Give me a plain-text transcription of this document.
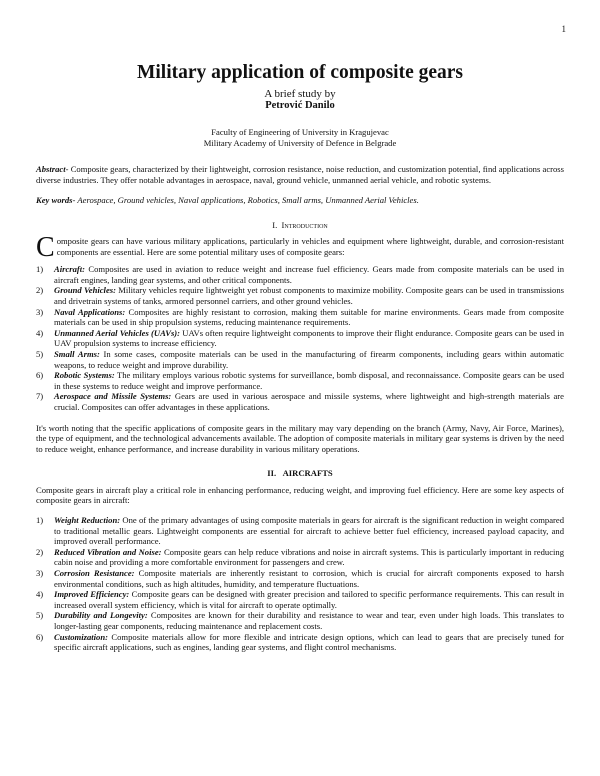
1
Military application of composite gears
A brief study by
Petrović Danilo
Faculty of Engineering of University in Kragujevac
Military Academy of University of Defence in Belgrade

Abstract- Composite gears, characterized by their lightweight, corrosion resistance, noise reduction, and customization potential, find applications across diverse industries. They offer notable advantages in aerospace, naval, ground vehicle, unmanned aerial vehicle, and robotic systems.

Key words- Aerospace, Ground vehicles, Naval applications, Robotics, Small arms, Unmanned Aerial Vehicles.

I. Introduction

Composite gears can have various military applications, particularly in vehicles and equipment where lightweight, durable, and corrosion-resistant components are essential. Here are some potential military uses of composite gears:

1) Aircraft: Composites are used in aviation to reduce weight and increase fuel efficiency. Gears made from composite materials can be used in aircraft engines, landing gear systems, and other critical components.
2) Ground Vehicles: Military vehicles require lightweight yet robust components to maximize mobility. Composite gears can be used in transmissions and drivetrain systems of tanks, armored personnel carriers, and other ground vehicles.
3) Naval Applications: Composites are highly resistant to corrosion, making them suitable for marine environments. Gears made from composite materials can be used in ship propulsion systems, reducing maintenance requirements.
4) Unmanned Aerial Vehicles (UAVs): UAVs often require lightweight components to improve their flight endurance. Composite gears can be used in UAV propulsion systems to increase efficiency.
5) Small Arms: In some cases, composite materials can be used in the manufacturing of firearm components, including gears within automatic weapons, to reduce weight and improve durability.
6) Robotic Systems: The military employs various robotic systems for surveillance, bomb disposal, and reconnaissance. Composite gears can be used in these systems to reduce weight and improve performance.
7) Aerospace and Missile Systems: Gears are used in various aerospace and missile systems, where lightweight and high-strength materials are crucial. Composites can offer advantages in these applications.

It's worth noting that the specific applications of composite gears in the military may vary depending on the branch (Army, Navy, Air Force, Marines), the type of equipment, and the technological advancements available. The adoption of composite materials in military gear systems is driven by the need to reduce weight, enhance performance, and increase durability in various military operations.

II. AIRCRAFTS

Composite gears in aircraft play a critical role in enhancing performance, reducing weight, and improving fuel efficiency. Here are some key aspects of composite gears in aircraft:

1) Weight Reduction: One of the primary advantages of using composite materials in gears for aircraft is the significant reduction in weight compared to traditional metallic gears. Lightweight components are essential for aircraft to achieve better fuel efficiency, increased payload capacity, and improved overall performance.
2) Reduced Vibration and Noise: Composite gears can help reduce vibrations and noise in aircraft systems. This is particularly important in reducing cabin noise and providing a more comfortable environment for passengers and crew.
3) Corrosion Resistance: Composite materials are inherently resistant to corrosion, which is crucial for aircraft components exposed to harsh environmental conditions, such as high altitudes, humidity, and temperature fluctuations.
4) Improved Efficiency: Composite gears can be designed with greater precision and tailored to specific performance requirements. This can result in increased overall system efficiency, which is vital for aircraft to operate optimally.
5) Durability and Longevity: Composites are known for their durability and resistance to wear and tear, even under high loads. This translates to longer-lasting gear components, reducing maintenance and replacement costs.
6) Customization: Composite materials allow for more flexible and intricate design options, which can lead to gears that are precisely tuned for specific aircraft applications, such as engines, landing gear systems, and flight control mechanisms.
